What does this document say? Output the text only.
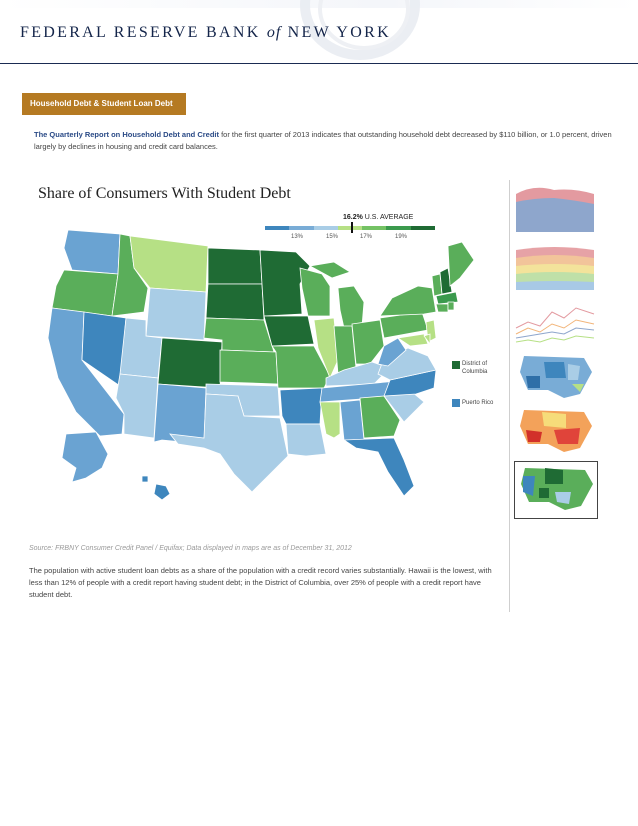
FEDERAL RESERVE BANK of NEW YORK
Household Debt & Student Loan Debt
The Quarterly Report on Household Debt and Credit for the first quarter of 2013 indicates that outstanding household debt decreased by $110 billion, or 1.0 percent, driven largely by declines in housing and credit card balances.
Share of Consumers With Student Debt
16.2% U.S. AVERAGE
13%	15%	17%	19%
District of
Columbia
Puerto Rico
Source: FRBNY Consumer Credit Panel / Equifax; Data displayed in maps are as of December 31, 2012
The population with active student loan debts as a share of the population with a credit record varies substantially. Hawaii is the lowest, with less than 12% of people with a credit report having student debt; in the District of Columbia, over 25% of people with a credit report have student debt.
